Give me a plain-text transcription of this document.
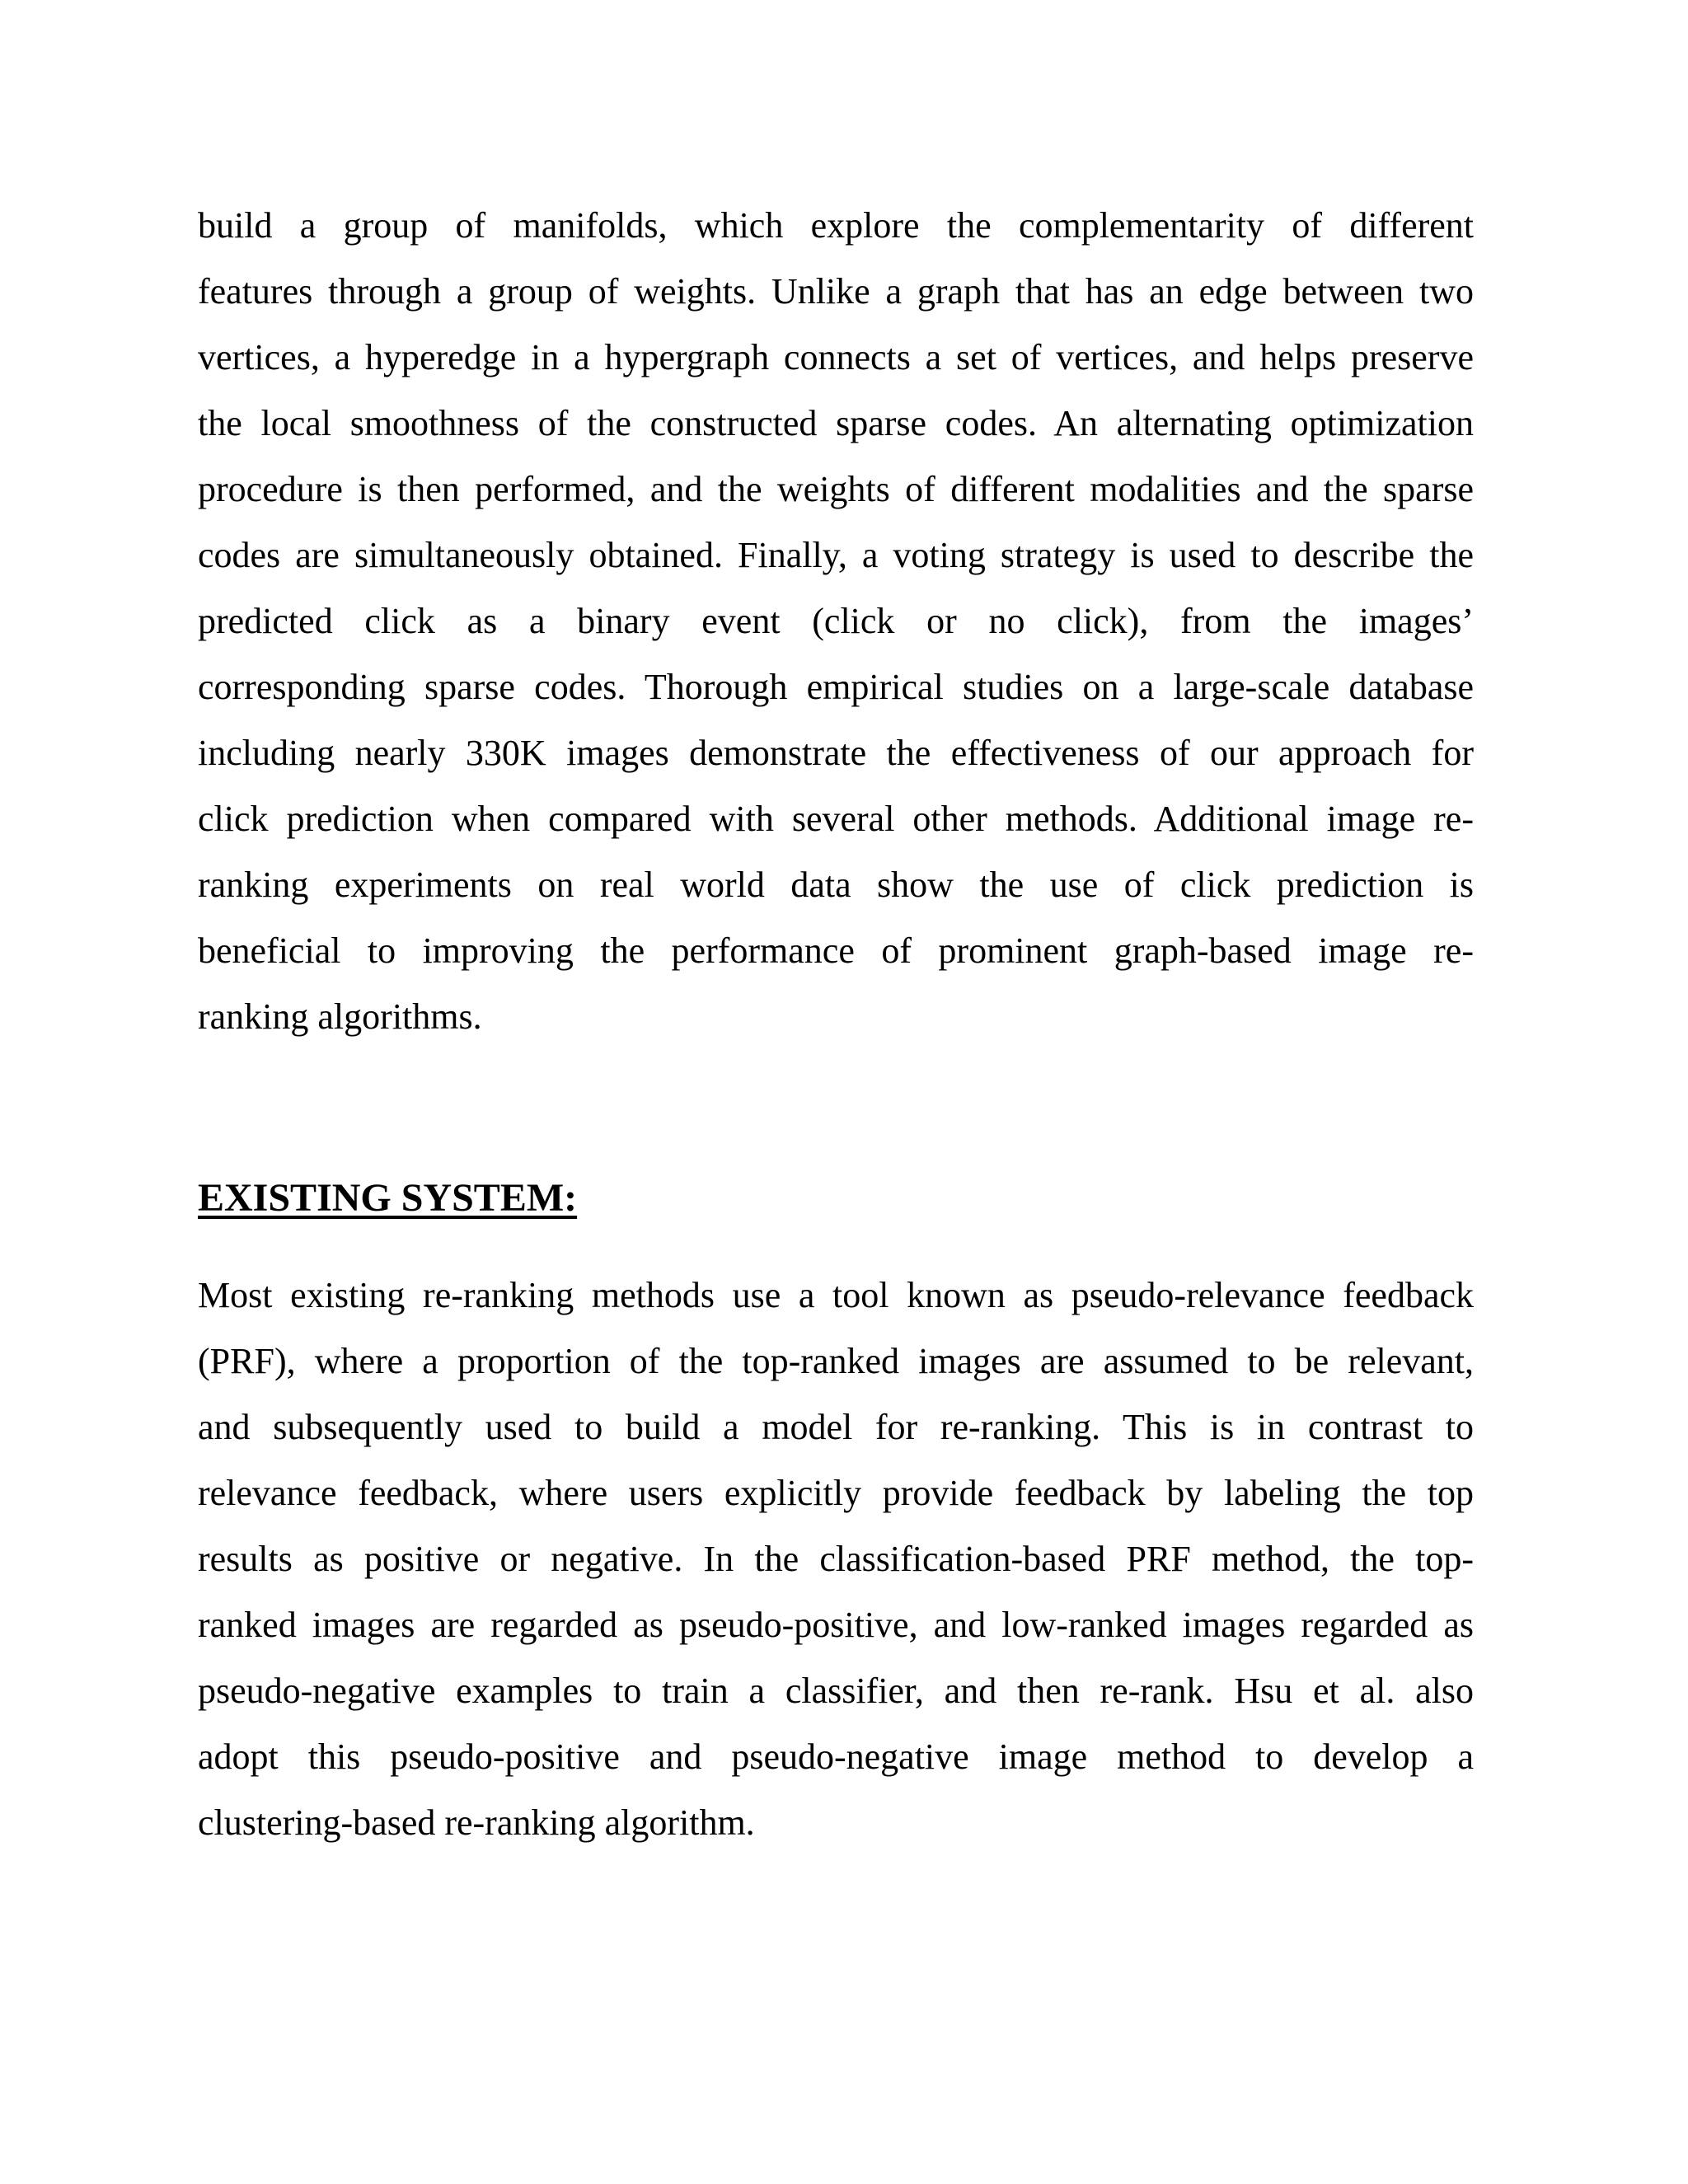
build a group of manifolds, which explore the complementarity of different
features through a group of weights. Unlike a graph that has an edge between two
vertices, a hyperedge in a hypergraph connects a set of vertices, and helps preserve
the local smoothness of the constructed sparse codes. An alternating optimization
procedure is then performed, and the weights of different modalities and the sparse
codes are simultaneously obtained. Finally, a voting strategy is used to describe the
predicted click as a binary event (click or no click), from the images’
corresponding sparse codes. Thorough empirical studies on a large-scale database
including nearly 330K images demonstrate the effectiveness of our approach for
click prediction when compared with several other methods. Additional image re-
ranking experiments on real world data show the use of click prediction is
beneficial to improving the performance of prominent graph-based image re-
ranking algorithms.
EXISTING SYSTEM:
Most existing re-ranking methods use a tool known as pseudo-relevance feedback
(PRF), where a proportion of the top-ranked images are assumed to be relevant,
and subsequently used to build a model for re-ranking. This is in contrast to
relevance feedback, where users explicitly provide feedback by labeling the top
results as positive or negative. In the classification-based PRF method, the top-
ranked images are regarded as pseudo-positive, and low-ranked images regarded as
pseudo-negative examples to train a classifier, and then re-rank. Hsu et al. also
adopt this pseudo-positive and pseudo-negative image method to develop a
clustering-based re-ranking algorithm.
